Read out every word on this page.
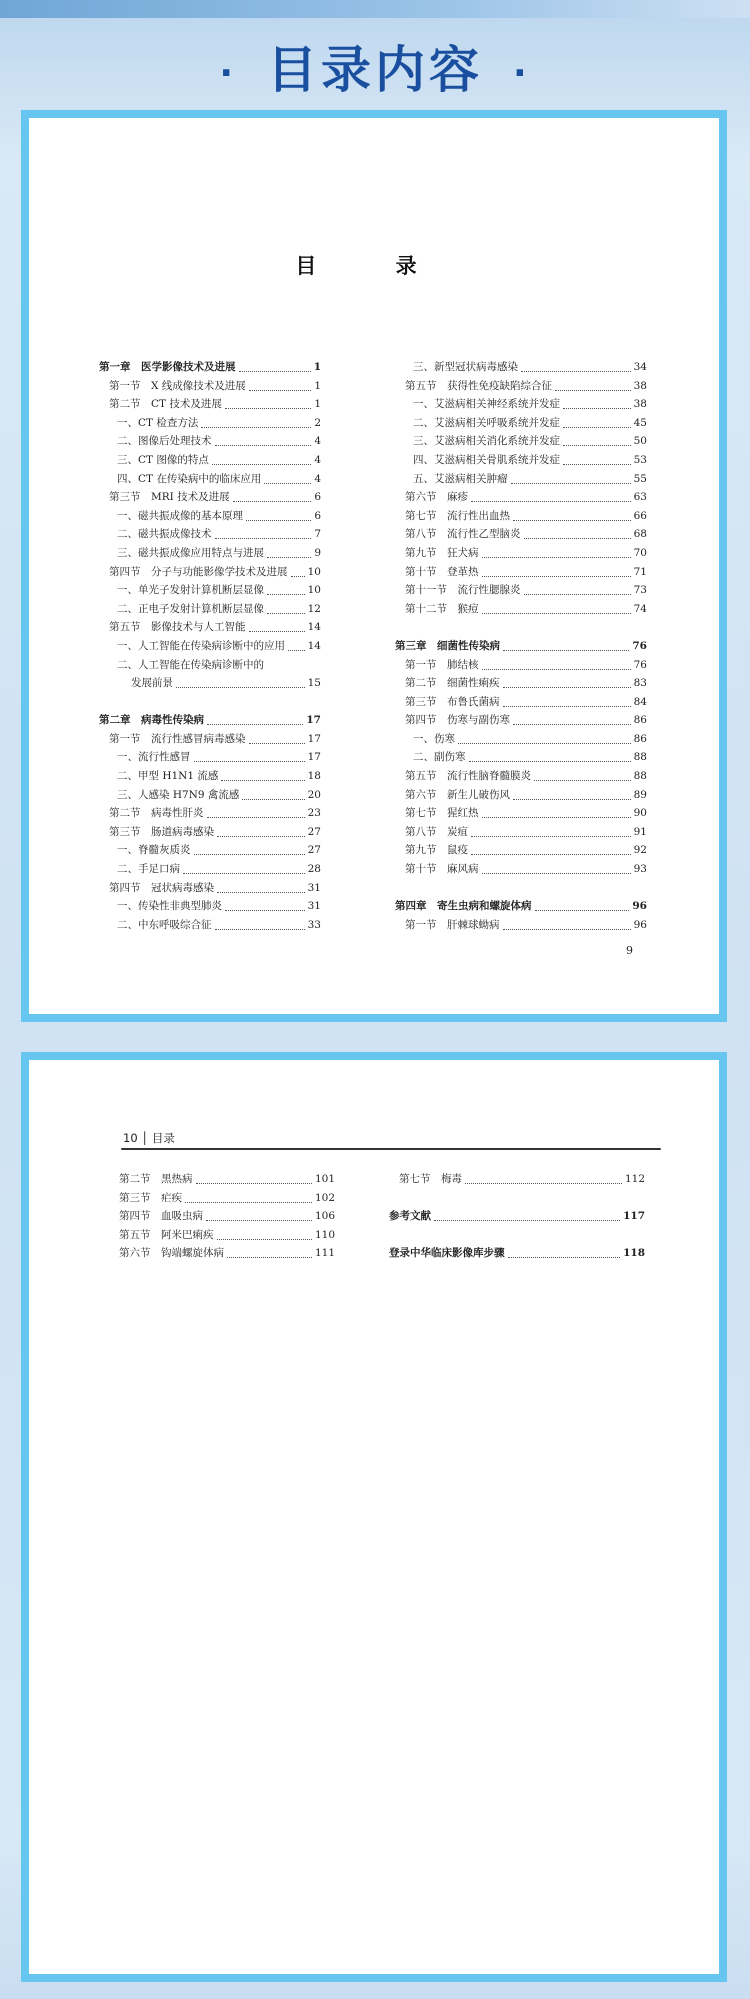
· 目录内容 ·
目 录
第一章　医学影像技术及进展	1
第一节　X 线成像技术及进展	1
第二节　CT 技术及进展	1
一、CT 检查方法	2
二、图像后处理技术	4
三、CT 图像的特点	4
四、CT 在传染病中的临床应用	4
第三节　MRI 技术及进展	6
一、磁共振成像的基本原理	6
二、磁共振成像技术	7
三、磁共振成像应用特点与进展	9
第四节　分子与功能影像学技术及进展 10
一、单光子发射计算机断层显像	10
二、正电子发射计算机断层显像	12
第五节　影像技术与人工智能	14
一、人工智能在传染病诊断中的应用 14
二、人工智能在传染病诊断中的
发展前景	15
第二章　病毒性传染病	17
第一节　流行性感冒病毒感染	17
一、流行性感冒	17
二、甲型 H1N1 流感	18
三、人感染 H7N9 禽流感	20
第二节　病毒性肝炎	23
第三节　肠道病毒感染	27
一、脊髓灰质炎	27
二、手足口病	28
第四节　冠状病毒感染	31
一、传染性非典型肺炎	31
二、中东呼吸综合征	33
三、新型冠状病毒感染	34
第五节　获得性免疫缺陷综合征	38
一、艾滋病相关神经系统并发症	38
二、艾滋病相关呼吸系统并发症	45
三、艾滋病相关消化系统并发症	50
四、艾滋病相关骨肌系统并发症	53
五、艾滋病相关肿瘤	55
第六节　麻疹	63
第七节　流行性出血热	66
第八节　流行性乙型脑炎	68
第九节　狂犬病	70
第十节　登革热	71
第十一节　流行性腮腺炎	73
第十二节　猴痘	74
第三章　细菌性传染病	76
第一节　肺结核	76
第二节　细菌性痢疾	83
第三节　布鲁氏菌病	84
第四节　伤寒与副伤寒	86
一、伤寒	86
二、副伤寒	88
第五节　流行性脑脊髓膜炎	88
第六节　新生儿破伤风	89
第七节　猩红热	90
第八节　炭疽	91
第九节　鼠疫	92
第十节　麻风病	93
第四章　寄生虫病和螺旋体病	96
第一节　肝棘球蚴病	96
9
10 │ 目录
第二节　黑热病	101
第三节　疟疾	102
第四节　血吸虫病	106
第五节　阿米巴痢疾	110
第六节　钩端螺旋体病	111
第七节　梅毒	112
参考文献	117
登录中华临床影像库步骤	118
